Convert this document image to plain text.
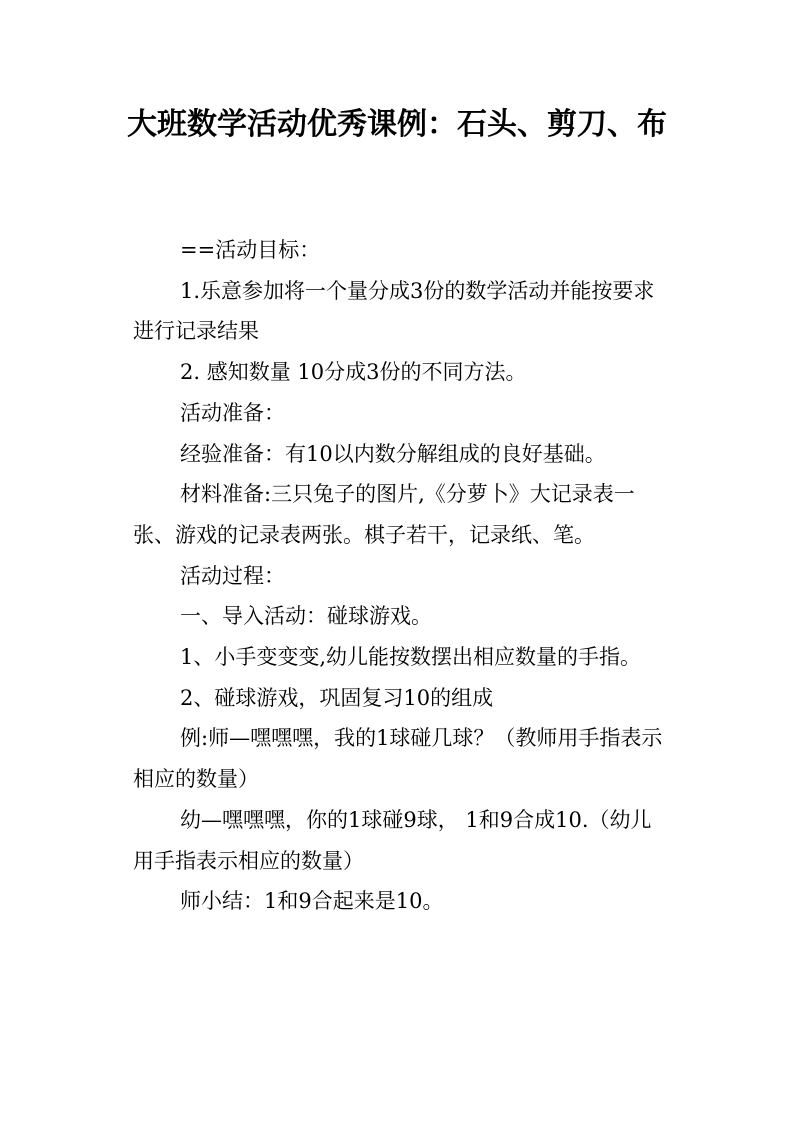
大班数学活动优秀课例：石头、剪刀、布

==活动目标：

1.乐意参加将一个量分成3份的数学活动并能按要求进行记录结果

2. 感知数量 10分成3份的不同方法。

活动准备：

经验准备：有10以内数分解组成的良好基础。

材料准备:三只兔子的图片,《分萝卜》大记录表一张、游戏的记录表两张。棋子若干，记录纸、笔。

活动过程：

一、导入活动：碰球游戏。

1、小手变变变,幼儿能按数摆出相应数量的手指。

2、碰球游戏，巩固复习10的组成

例:师—嘿嘿嘿，我的1球碰几球？（教师用手指表示相应的数量）

幼—嘿嘿嘿，你的1球碰9球， 1和9合成10.（幼儿用手指表示相应的数量）

师小结：1和9合起来是10。
